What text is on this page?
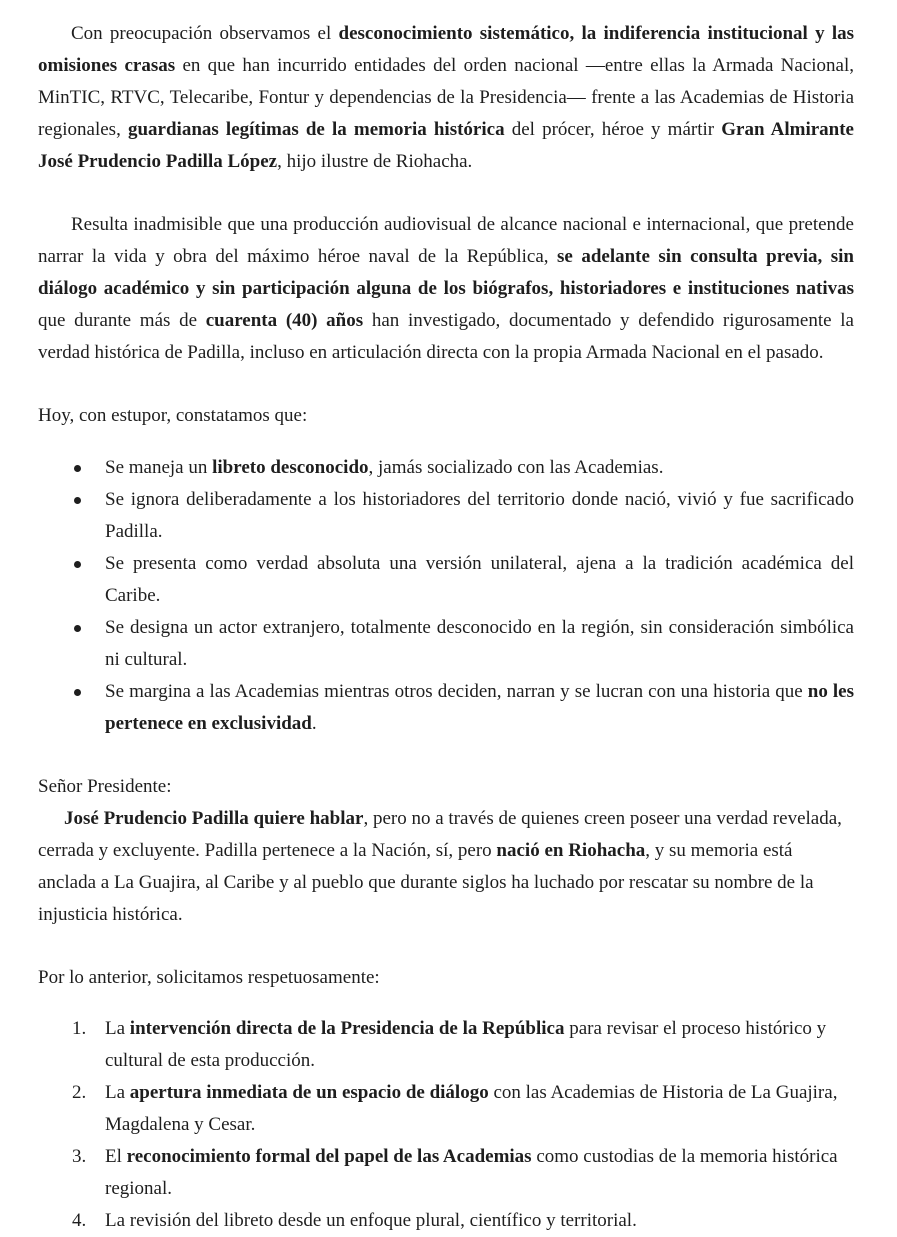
Con preocupación observamos el desconocimiento sistemático, la indiferencia institucional y las omisiones crasas en que han incurrido entidades del orden nacional —entre ellas la Armada Nacional, MinTIC, RTVC, Telecaribe, Fontur y dependencias de la Presidencia— frente a las Academias de Historia regionales, guardianas legítimas de la memoria histórica del prócer, héroe y mártir Gran Almirante José Prudencio Padilla López, hijo ilustre de Riohacha.

Resulta inadmisible que una producción audiovisual de alcance nacional e internacional, que pretende narrar la vida y obra del máximo héroe naval de la República, se adelante sin consulta previa, sin diálogo académico y sin participación alguna de los biógrafos, historiadores e instituciones nativas que durante más de cuarenta (40) años han investigado, documentado y defendido rigurosamente la verdad histórica de Padilla, incluso en articulación directa con la propia Armada Nacional en el pasado.

Hoy, con estupor, constatamos que:

Se maneja un libreto desconocido, jamás socializado con las Academias.
Se ignora deliberadamente a los historiadores del territorio donde nació, vivió y fue sacrificado Padilla.
Se presenta como verdad absoluta una versión unilateral, ajena a la tradición académica del Caribe.
Se designa un actor extranjero, totalmente desconocido en la región, sin consideración simbólica ni cultural.
Se margina a las Academias mientras otros deciden, narran y se lucran con una historia que no les pertenece en exclusividad.

Señor Presidente:

José Prudencio Padilla quiere hablar, pero no a través de quienes creen poseer una verdad revelada, cerrada y excluyente. Padilla pertenece a la Nación, sí, pero nació en Riohacha, y su memoria está anclada a La Guajira, al Caribe y al pueblo que durante siglos ha luchado por rescatar su nombre de la injusticia histórica.

Por lo anterior, solicitamos respetuosamente:

1. La intervención directa de la Presidencia de la República para revisar el proceso histórico y cultural de esta producción.
2. La apertura inmediata de un espacio de diálogo con las Academias de Historia de La Guajira, Magdalena y Cesar.
3. El reconocimiento formal del papel de las Academias como custodias de la memoria histórica regional.
4. La revisión del libreto desde un enfoque plural, científico y territorial.
